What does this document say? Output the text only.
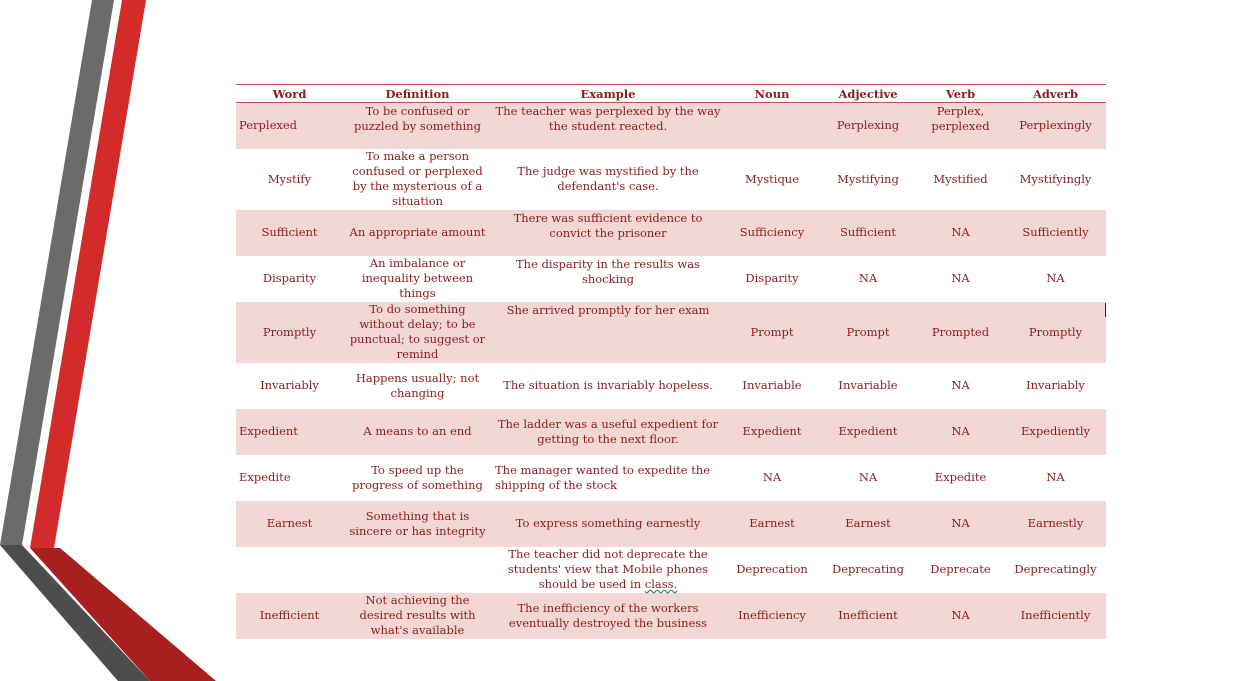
Word	Definition	Example	Noun	Adjective	Verb	Adverb
Perplexed	To be confused or puzzled by something	The teacher was perplexed by the way the student reacted.		Perplexing	Perplex, perplexed	Perplexingly
Mystify	To make a person confused or perplexed by the mysterious of a situation	The judge was mystified by the defendant's case.	Mystique	Mystifying	Mystified	Mystifyingly
Sufficient	An appropriate amount	There was sufficient evidence to convict the prisoner	Sufficiency	Sufficient	NA	Sufficiently
Disparity	An imbalance or inequality between things	The disparity in the results was shocking	Disparity	NA	NA	NA
Promptly	To do something without delay; to be punctual; to suggest or remind	She arrived promptly for her exam	Prompt	Prompt	Prompted	Promptly
Invariably	Happens usually; not changing	The situation is invariably hopeless.	Invariable	Invariable	NA	Invariably
Expedient	A means to an end	The ladder was a useful expedient for getting to the next floor.	Expedient	Expedient	NA	Expediently
Expedite	To speed up the progress of something	The manager wanted to expedite the shipping of the stock	NA	NA	Expedite	NA
Earnest	Something that is sincere or has integrity	To express something earnestly	Earnest	Earnest	NA	Earnestly
		The teacher did not deprecate the students' view that Mobile phones should be used in class.	Deprecation	Deprecating	Deprecate	Deprecatingly
Inefficient	Not achieving the desired results with what's available	The inefficiency of the workers eventually destroyed the business	Inefficiency	Inefficient	NA	Inefficiently
